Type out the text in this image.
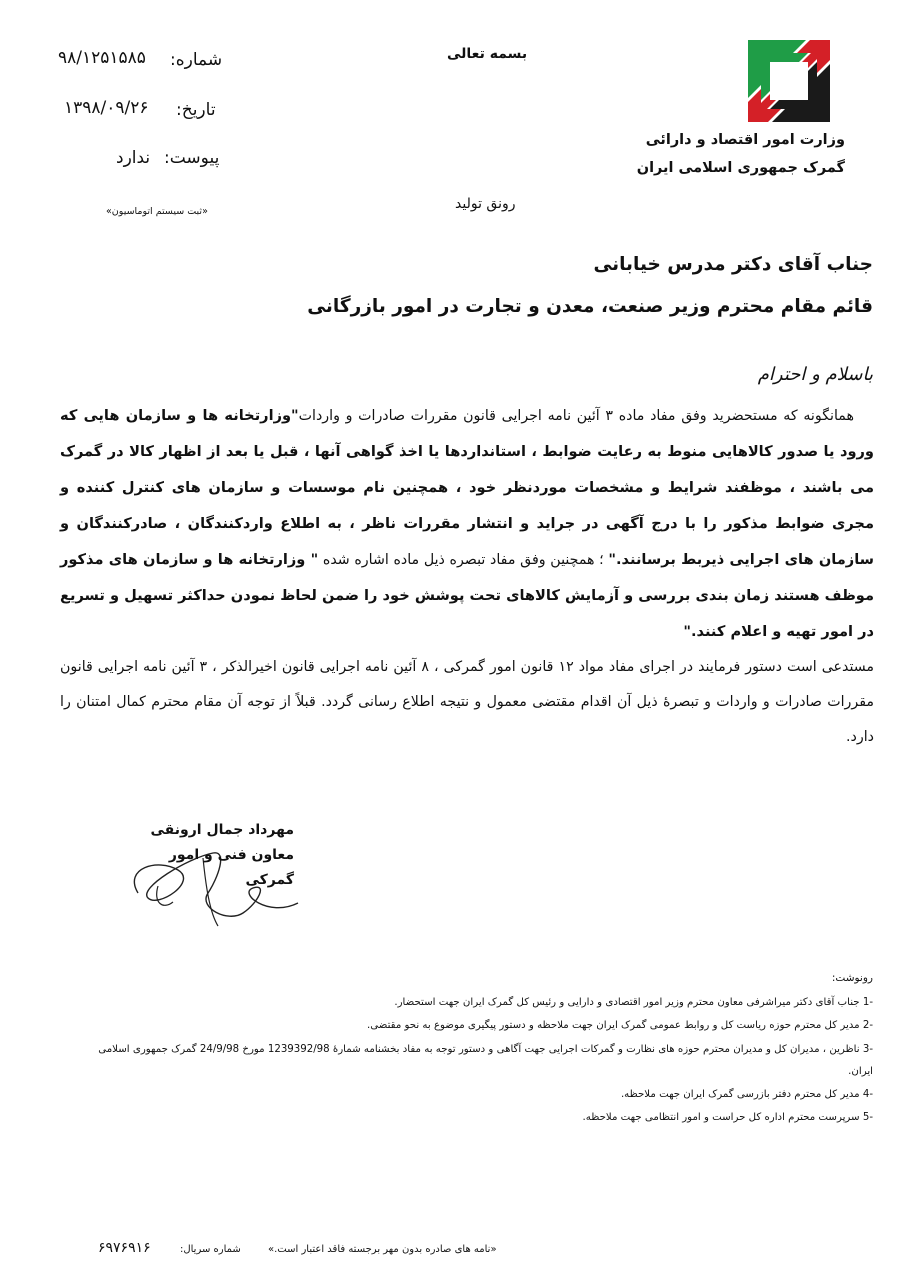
وزارت امور اقتصاد و دارائی
گمرک جمهوری اسلامی ایران
بسمه تعالی
شماره:
۹۸/۱۲۵۱۵۸۵
تاریخ:
۱۳۹۸/۰۹/۲۶
پیوست:
ندارد
«ثبت سیستم اتوماسیون»	رونق تولید
جناب آقای دکتر مدرس خیابانی
قائم مقام محترم وزیر صنعت، معدن و تجارت در امور بازرگانی
باسلام و احترام
همانگونه که مستحضرید وفق مفاد ماده ۳ آئین نامه اجرایی قانون مقررات صادرات و واردات"وزارتخانه ها و سازمان هایی که ورود یا صدور کالاهایی منوط به رعایت ضوابط ، استانداردها یا اخذ گواهی آنها ، قبل یا بعد از اظهار کالا در گمرک می باشند ، موظفند شرایط و مشخصات موردنظر خود ، همچنین نام موسسات و سازمان های کنترل کننده و مجری ضوابط مذکور را با درج آگهی در جراید و انتشار مقررات ناظر ، به اطلاع واردکنندگان ، صادرکنندگان و سازمان های اجرایی ذیربط برسانند." ؛ همچنین وفق مفاد تبصره ذیل ماده اشاره شده " وزارتخانه ها و سازمان های مذکور موظف هستند زمان بندی بررسی و آزمایش کالاهای تحت پوشش خود را ضمن لحاظ نمودن حداکثر تسهیل و تسریع در امور تهیه و اعلام کنند."
مستدعی است دستور فرمایند در اجرای مفاد مواد ۱۲ قانون امور گمرکی ، ۸ آئین نامه اجرایی قانون اخیرالذکر ، ۳ آئین نامه اجرایی قانون مقررات صادرات و واردات و تبصرۀ ذیل آن اقدام مقتضی معمول و نتیجه اطلاع رسانی گردد. قبلاً از توجه آن مقام محترم کمال امتنان را دارد.
مهرداد جمال ارونقی
معاون فنی و امور گمرکی
رونوشت:
-1 جناب آقای دکتر میراشرفی معاون محترم وزیر امور اقتصادی و دارایی و رئیس کل گمرک ایران جهت استحضار.
-2 مدیر کل محترم حوزه ریاست کل و روابط عمومی گمرک ایران جهت ملاحظه و دستور پیگیری موضوع به نحو مقتضی.
-3 ناظرین ، مدیران کل و مدیران محترم حوزه های نظارت و گمرکات اجرایی جهت آگاهی و دستور توجه به مفاد بخشنامه شمارۀ 1239392/98 مورخ 24/9/98 گمرک جمهوری اسلامی ایران.
-4 مدیر کل محترم دفتر بازرسی گمرک ایران جهت ملاحظه.
-5 سرپرست محترم اداره کل حراست و امور انتظامی جهت ملاحظه.
«نامه های صادره بدون مهر برجسته فاقد اعتبار است.»
شماره سریال:
۶۹۷۶۹۱۶
